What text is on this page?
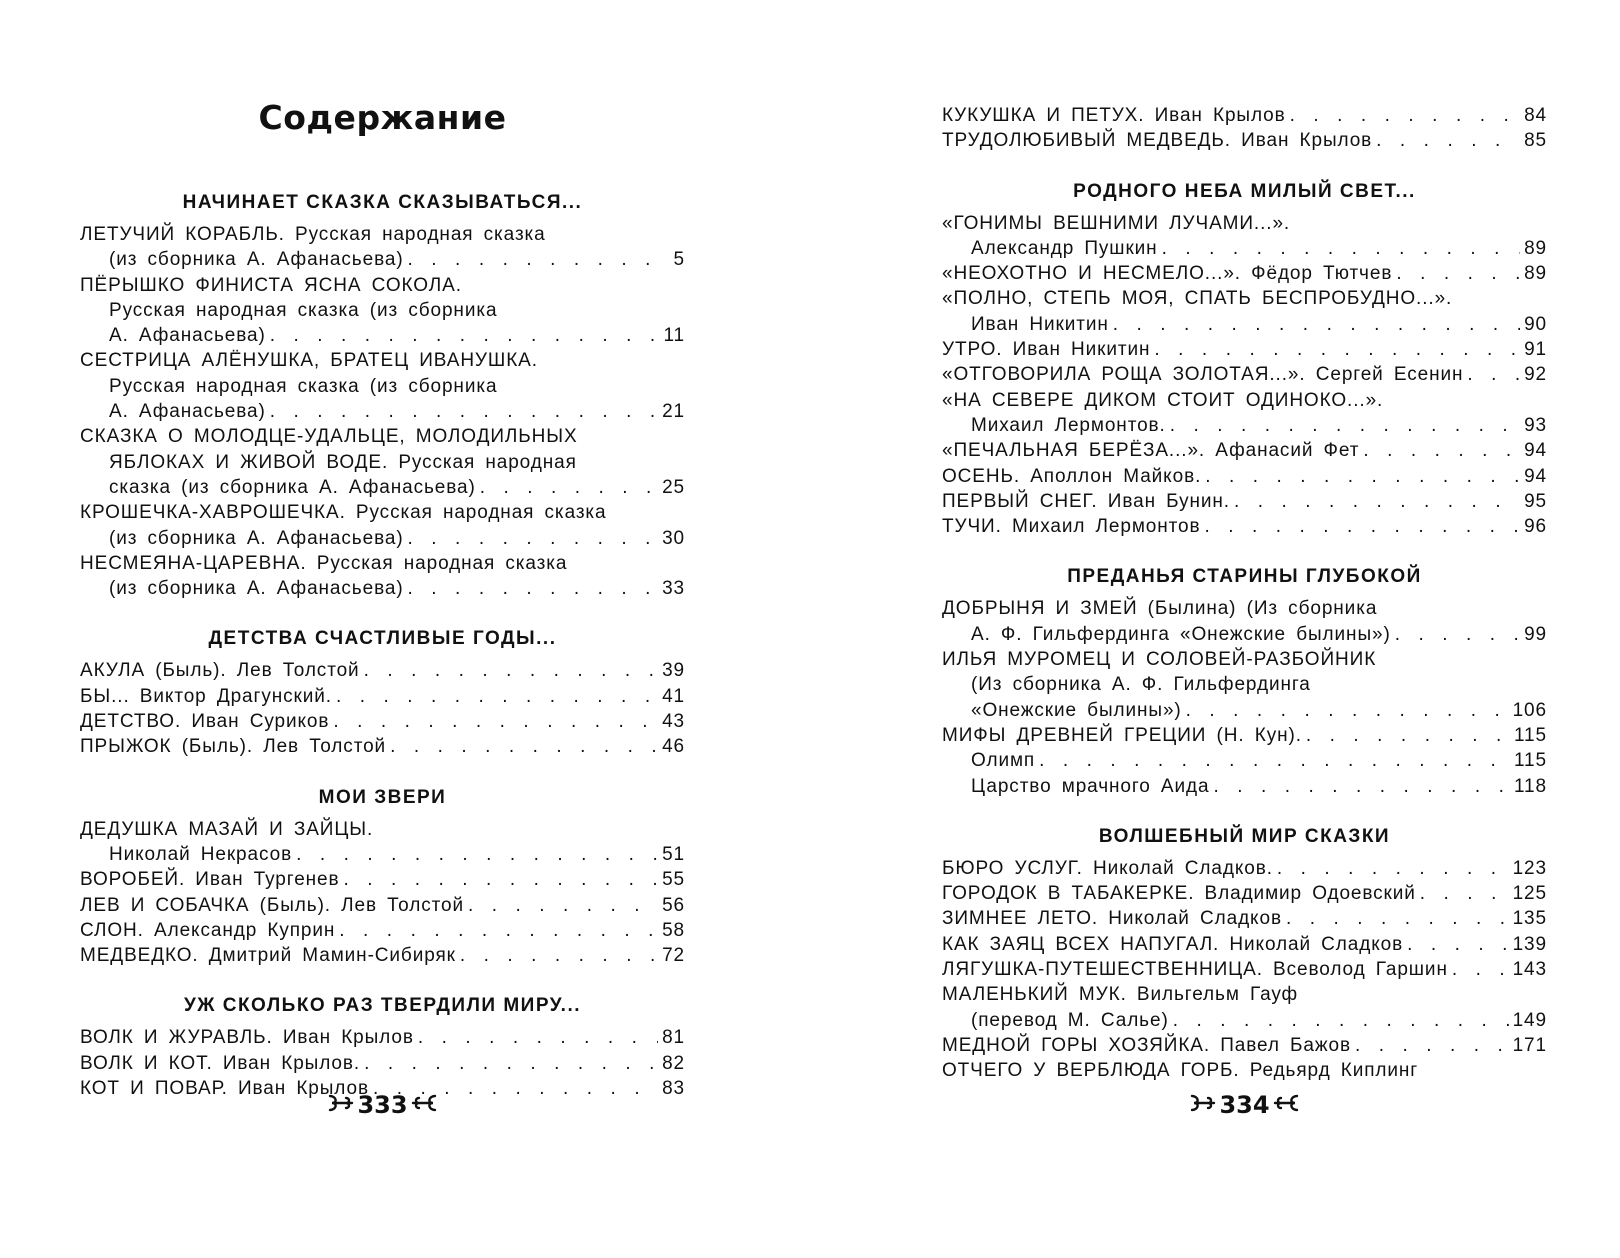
Содержание
НАЧИНАЕТ СКАЗКА СКАЗЫВАТЬСЯ...
ЛЕТУЧИЙ КОРАБЛЬ. Русская народная сказка
(из сборника А. Афанасьева) . . .	5
ПЁРЫШКО ФИНИСТА ЯСНА СОКОЛА.
Русская народная сказка (из сборника
А. Афанасьева) . . .	11
СЕСТРИЦА АЛЁНУШКА, БРАТЕЦ ИВАНУШКА.
Русская народная сказка (из сборника
А. Афанасьева) . . .	21
СКАЗКА О МОЛОДЦЕ-УДАЛЬЦЕ, МОЛОДИЛЬНЫХ
ЯБЛОКАХ И ЖИВОЙ ВОДЕ. Русская народная
сказка (из сборника А. Афанасьева) . . .	25
КРОШЕЧКА-ХАВРОШЕЧКА. Русская народная сказка
(из сборника А. Афанасьева) . . .	30
НЕСМЕЯНА-ЦАРЕВНА. Русская народная сказка
(из сборника А. Афанасьева) . . .	33
ДЕТСТВА СЧАСТЛИВЫЕ ГОДЫ...
АКУЛА (Быль). Лев Толстой . . .	39
БЫ... Виктор Драгунский. . . .	41
ДЕТСТВО. Иван Суриков . . .	43
ПРЫЖОК (Быль). Лев Толстой . . .	46
МОИ ЗВЕРИ
ДЕДУШКА МАЗАЙ И ЗАЙЦЫ.
Николай Некрасов . . .	51
ВОРОБЕЙ. Иван Тургенев . . .	55
ЛЕВ И СОБАЧКА (Быль). Лев Толстой . . .	56
СЛОН. Александр Куприн . . .	58
МЕДВЕДКО. Дмитрий Мамин-Сибиряк . . .	72
УЖ СКОЛЬКО РАЗ ТВЕРДИЛИ МИРУ...
ВОЛК И ЖУРАВЛЬ. Иван Крылов . . .	81
ВОЛК И КОТ. Иван Крылов. . . .	82
КОТ И ПОВАР. Иван Крылов . . .	83
333
КУКУШКА И ПЕТУХ. Иван Крылов . . .	84
ТРУДОЛЮБИВЫЙ МЕДВЕДЬ. Иван Крылов . . .	85
РОДНОГО НЕБА МИЛЫЙ СВЕТ...
«ГОНИМЫ ВЕШНИМИ ЛУЧАМИ...».
Александр Пушкин . . .	89
«НЕОХОТНО И НЕСМЕЛО...». Фёдор Тютчев . . .	89
«ПОЛНО, СТЕПЬ МОЯ, СПАТЬ БЕСПРОБУДНО...».
Иван Никитин . . .	90
УТРО. Иван Никитин . . .	91
«ОТГОВОРИЛА РОЩА ЗОЛОТАЯ...». Сергей Есенин . . .	92
«НА СЕВЕРЕ ДИКОМ СТОИТ ОДИНОКО...».
Михаил Лермонтов. . . .	93
«ПЕЧАЛЬНАЯ БЕРЁЗА...». Афанасий Фет . . .	94
ОСЕНЬ. Аполлон Майков. . . .	94
ПЕРВЫЙ СНЕГ. Иван Бунин. . . .	95
ТУЧИ. Михаил Лермонтов . . .	96
ПРЕДАНЬЯ СТАРИНЫ ГЛУБОКОЙ
ДОБРЫНЯ И ЗМЕЙ (Былина) (Из сборника
А. Ф. Гильфердинга «Онежские былины») . . .	99
ИЛЬЯ МУРОМЕЦ И СОЛОВЕЙ-РАЗБОЙНИК
(Из сборника А. Ф. Гильфердинга
«Онежские былины») . . .	106
МИФЫ ДРЕВНЕЙ ГРЕЦИИ (Н. Кун). . . .	115
Олимп . . .	115
Царство мрачного Аида . . .	118
ВОЛШЕБНЫЙ МИР СКАЗКИ
БЮРО УСЛУГ. Николай Сладков. . . .	123
ГОРОДОК В ТАБАКЕРКЕ. Владимир Одоевский . . .	125
ЗИМНЕЕ ЛЕТО. Николай Сладков . . .	135
КАК ЗАЯЦ ВСЕХ НАПУГАЛ. Николай Сладков . . .	139
ЛЯГУШКА-ПУТЕШЕСТВЕННИЦА. Всеволод Гаршин . . .	143
МАЛЕНЬКИЙ МУК. Вильгельм Гауф
(перевод М. Салье) . . .	149
МЕДНОЙ ГОРЫ ХОЗЯЙКА. Павел Бажов . . .	171
ОТЧЕГО У ВЕРБЛЮДА ГОРБ. Редьярд Киплинг
334
